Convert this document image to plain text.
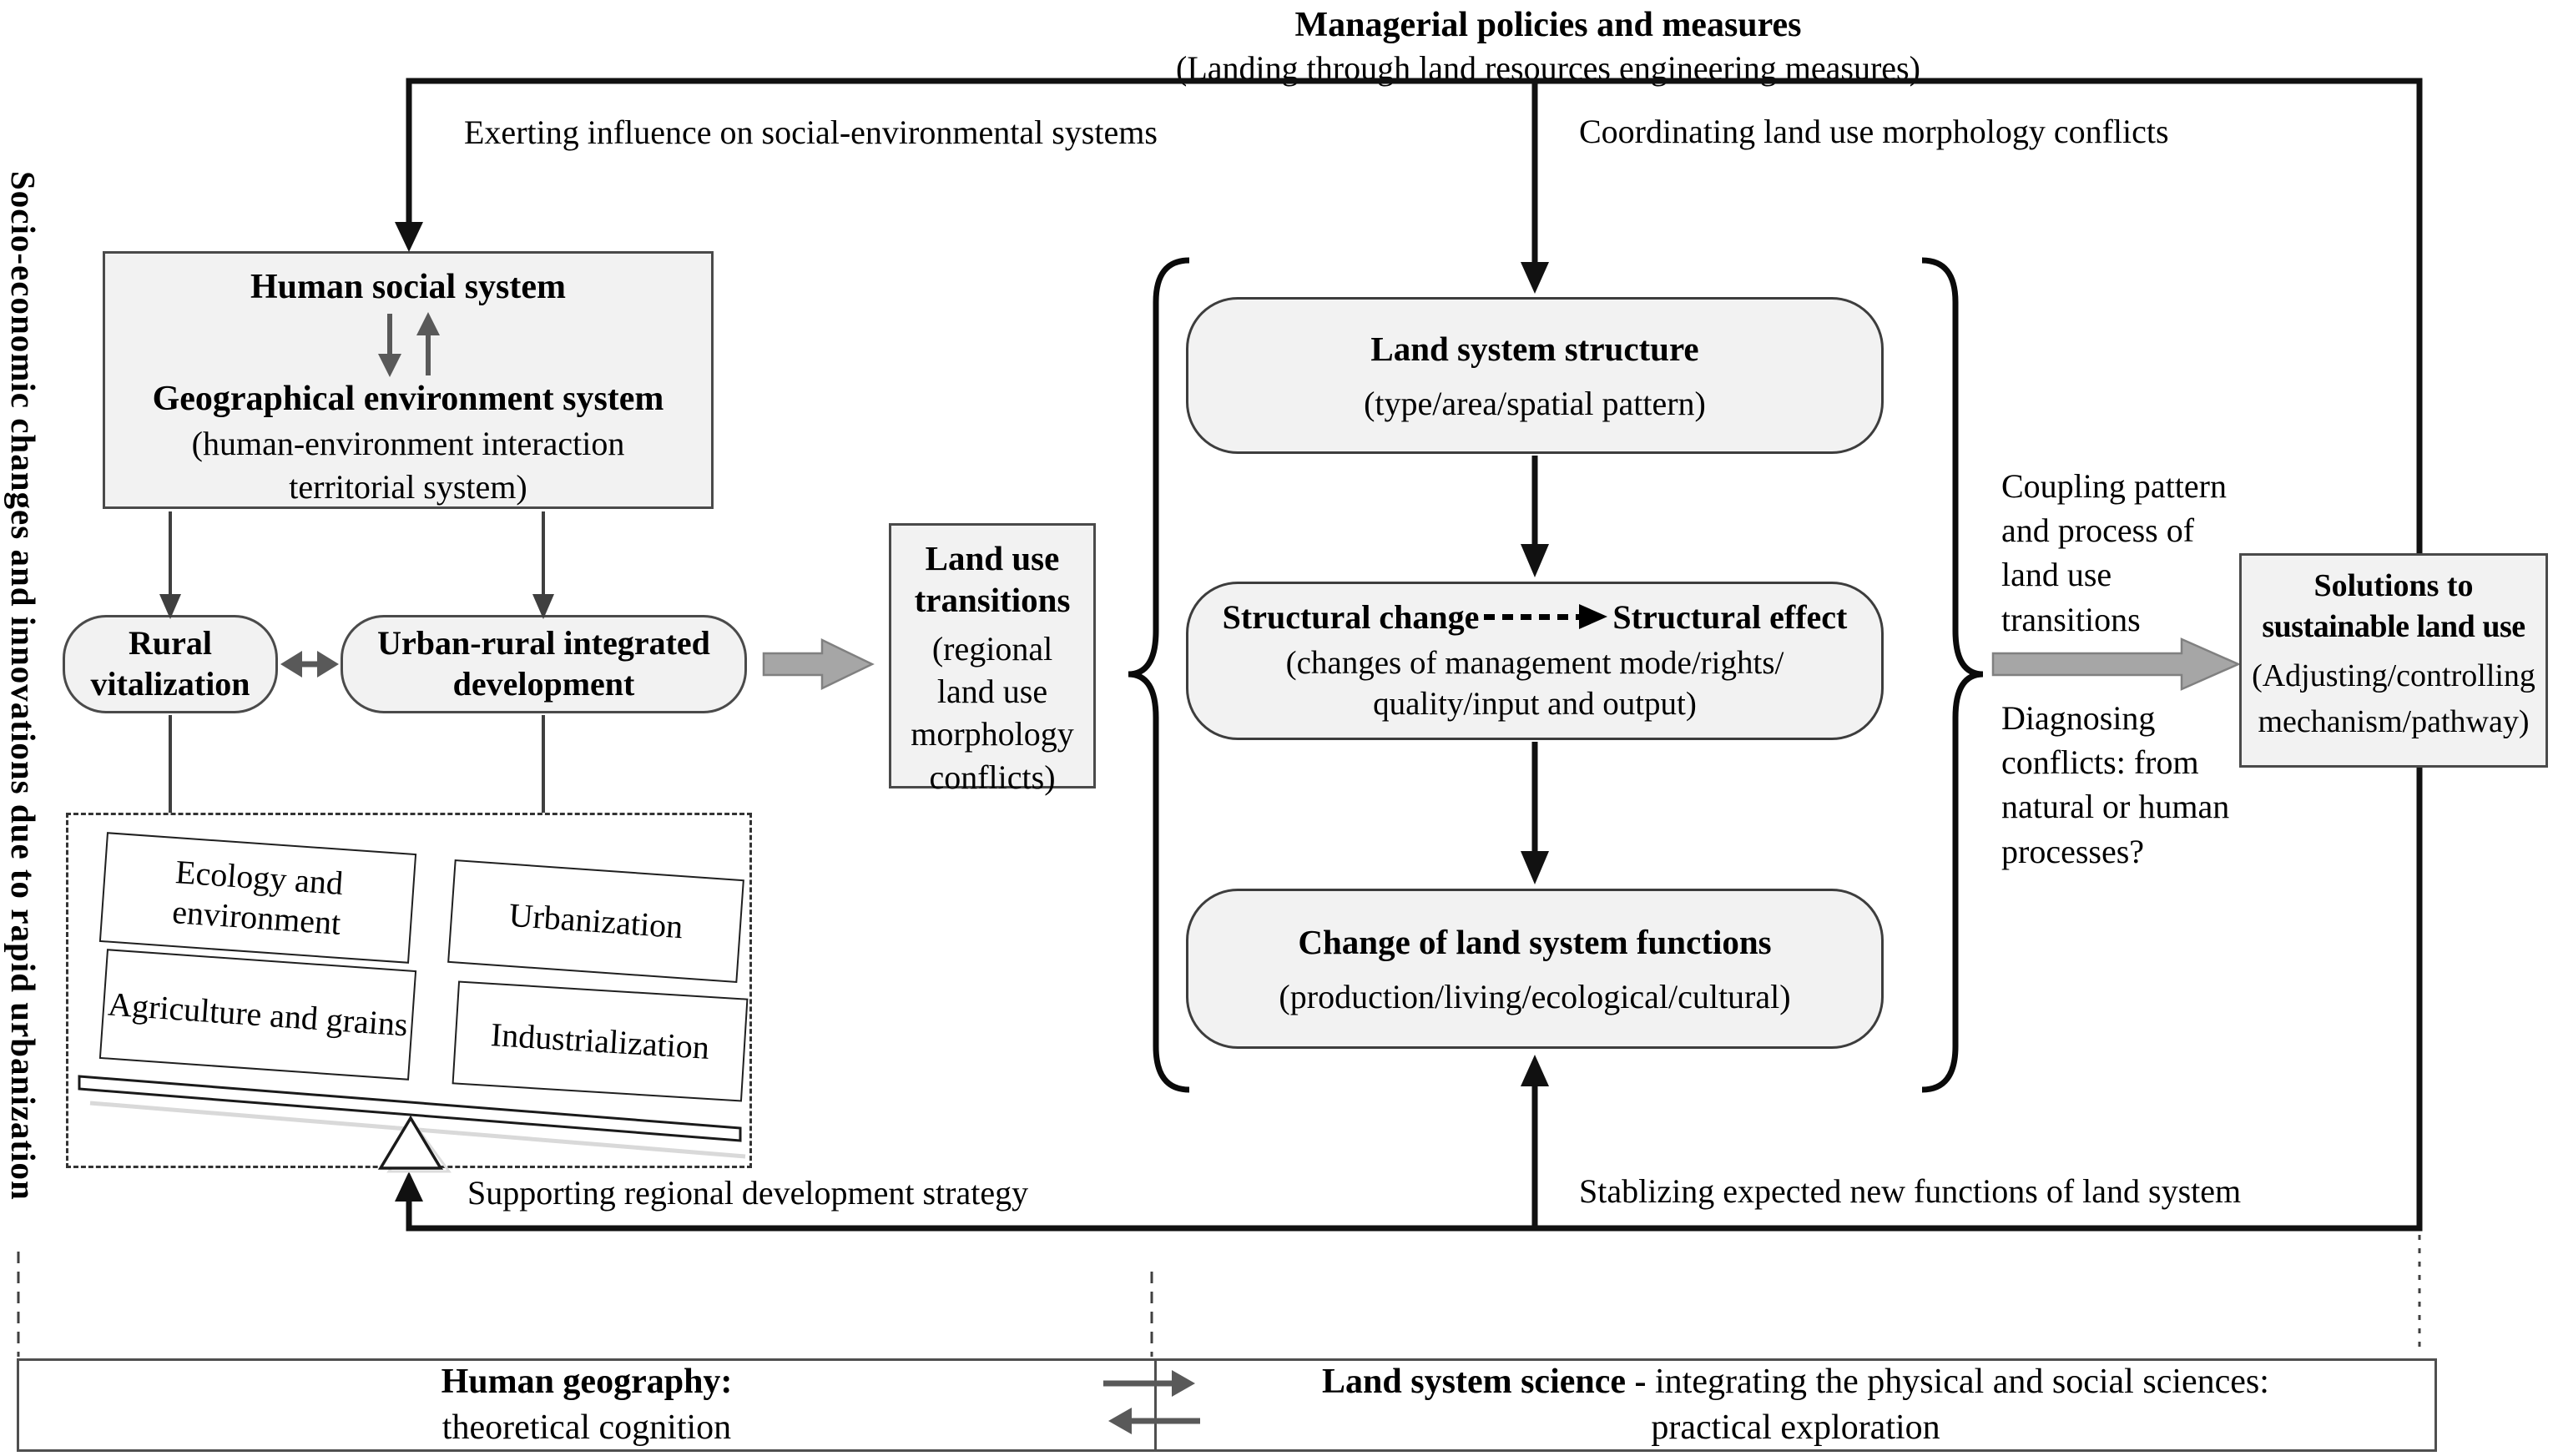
Socio-economic changes and innovations due to rapid urbanization
Managerial policies and measures
(Landing through land resources engineering measures)
Exerting influence on social-environmental systems	Coordinating land use morphology conflicts
Human social system
Geographical environment system
(human-environment interaction
territorial system)
Rural vitalization
Urban-rural integrated development
Ecology and environment	Urbanization
Agriculture and grains Industrialization
Land use transitions
(regional land use morphology conflicts)
Land system structure
(type/area/spatial pattern)
Structural change	Structural effect
(changes of management mode/rights/
quality/input and output)
Change of land system functions
(production/living/ecological/cultural)
Coupling pattern and process of land use transitions
Diagnosing conflicts: from natural or human processes?
Solutions to
sustainable land use
(Adjusting/controlling
mechanism/pathway)
Supporting regional development strategy	Stablizing expected new functions of land system
Human geography:
theoretical cognition
Land system science - integrating the physical and social sciences:
practical exploration
